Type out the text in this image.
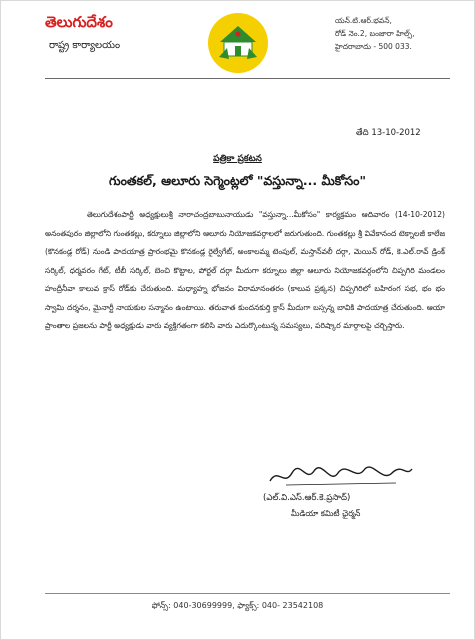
తెలుగుదేశం
రాష్ట్ర కార్యాలయం
యన్.టి.ఆర్.భవన్,
రోడ్ నెం.2, బంజారా హిల్స్,
హైదరాబాదు - 500 033.
తేది 13-10-2012
పత్రికా ప్రకటన
గుంతకల్, ఆలూరు సెగ్మెంట్లలో "వస్తున్నా... మీకోసం"
తెలుగుదేశంపార్టీ అధ్యక్షులుశ్రీ నారాచంద్రబాబునాయుడు "వస్తున్నా...మీకోసం" కార్యక్రమం ఆదివారం (14-10-2012) అనంతపురం జిల్లాలోని గుంతకల్లు, కర్నూలు జిల్లాలోని ఆలూరు నియోజకవర్గాలలో జరుగుతుంది. గుంతకల్లు శ్రీ వివేకానంద టెక్నాలజీ కాలేజ (కొనకండ్ల రోడ్) నుండి పాదయాత్ర ప్రారంభమై కొనకండ్ల రైల్వేగేట్, అంకాలమ్మ టెంపుల్, మస్తాన్‌వలీ దర్గా, మెయిన్ రోడ్, కె.ఎల్.రావ్ డ్రింక్ సర్కిల్, ధర్మవరం గేట్, టీబీ సర్కిల్, బెంచి కొట్టాల, పోర్టల్ దర్గా మీదుగా కర్నూలు జిల్లా ఆలూరు నియోజకవర్గంలోని చిప్పగిరి మండలం హంద్రీనీవా కాలువ క్రాస్ రోడ్‌కు చేరుతుంది. మధ్యాహ్న భోజనం విరామానంతరం (కాలువ ప్రక్కన) చిప్పగిరిలో బహిరంగ సభ, భం భం స్వామి దర్శనం, మైనార్టీ నాయకుల సన్మానం ఉంటాయి. తరువాత కుందనకుర్తి క్రాస్ మీదుగా బస్సన్న బావికి పాదయాత్ర చేరుతుంది. ఆయా ప్రాంతాల ప్రజలను పార్టీ అధ్యక్షుడు వారు వ్యక్తిగతంగా కలిసి వారు ఎదుర్కొంటున్న సమస్యలు, పరిష్కార మార్గాలపై చర్చిస్తారు.
(ఎల్.వి.ఎస్.ఆర్.కె.ప్రసాద్)
మీడియా కమిటీ ఛైర్మన్
ఫోన్స్: 040-30699999, ఫ్యాక్స్: 040- 23542108
